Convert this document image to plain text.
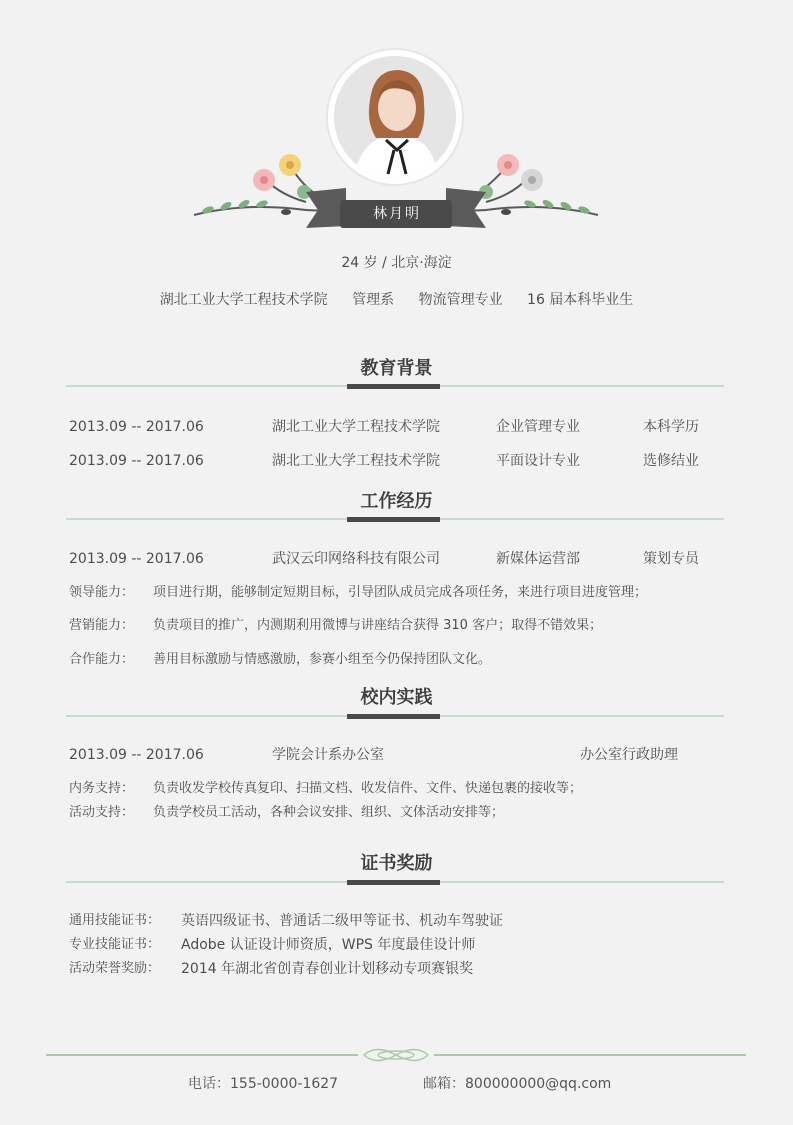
林月明
24 岁 / 北京·海淀
湖北工业大学工程技术学院 管理系 物流管理专业 16 届本科毕业生
教育背景
2013.09 -- 2017.06	湖北工业大学工程技术学院	企业管理专业	本科学历
2013.09 -- 2017.06	湖北工业大学工程技术学院	平面设计专业	选修结业
工作经历
2013.09 -- 2017.06	武汉云印网络科技有限公司	新媒体运营部	策划专员
领导能力： 项目进行期，能够制定短期目标，引导团队成员完成各项任务，来进行项目进度管理；
营销能力： 负责项目的推广，内测期利用微博与讲座结合获得 310 客户；取得不错效果；
合作能力： 善用目标激励与情感激励，参赛小组至今仍保持团队文化。
校内实践
2013.09 -- 2017.06	学院会计系办公室	办公室行政助理
内务支持： 负责收发学校传真复印、扫描文档、收发信件、文件、快递包裹的接收等；
活动支持： 负责学校员工活动，各种会议安排、组织、文体活动安排等；
证书奖励
通用技能证书： 英语四级证书、普通话二级甲等证书、机动车驾驶证
专业技能证书： Adobe 认证设计师资质，WPS 年度最佳设计师
活动荣誉奖励： 2014 年湖北省创青春创业计划移动专项赛银奖
电话：155-0000-1627	邮箱：800000000@qq.com
